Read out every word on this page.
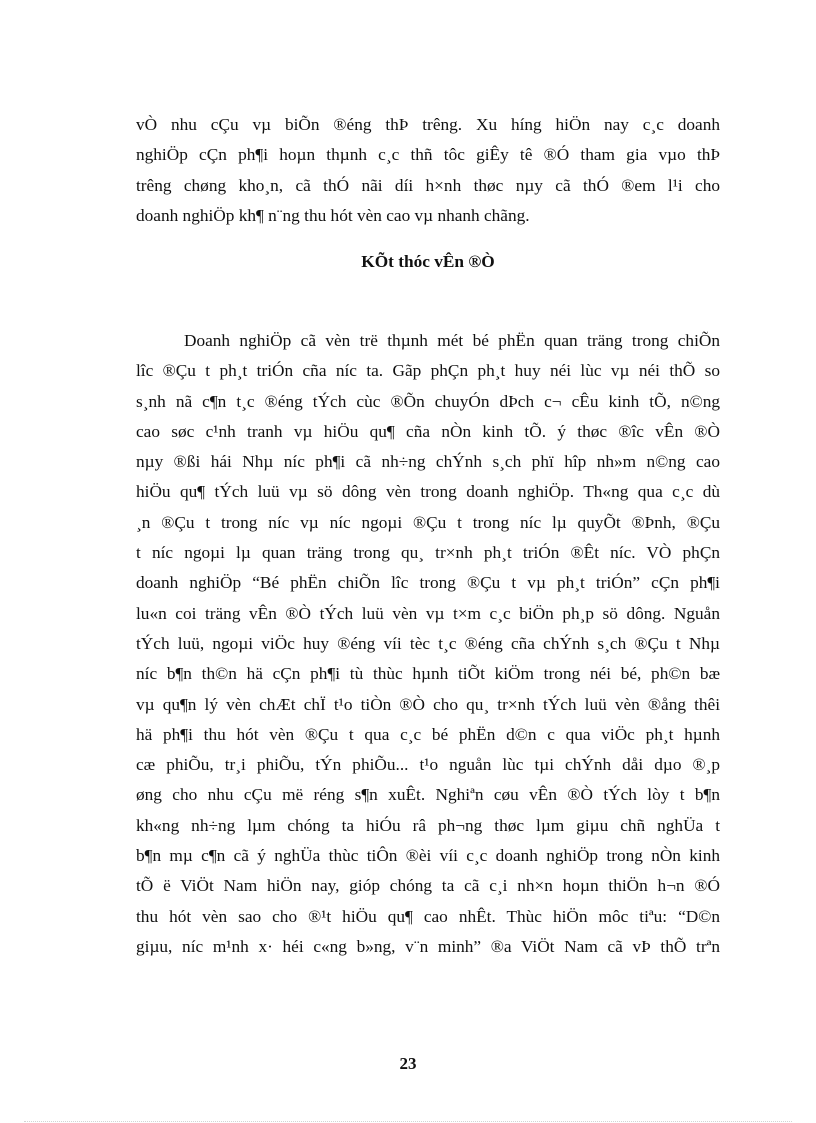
vÒ nhu cÇu vµ biÕn ®éng thÞ trêng. Xu híng hiÖn nay c¸c doanh
nghiÖp cÇn ph¶i hoµn thµnh c¸c thñ tôc giÊy tê ®Ó tham gia vµo thÞ
trêng chøng kho¸n, cã thÓ nãi díi h×nh thøc nµy cã thÓ ®em l¹i cho
doanh nghiÖp kh¶ n¨ng thu hót vèn cao vµ nhanh chãng.
KÕt thóc vÊn ®Ò
Doanh nghiÖp cã vèn trë thµnh mét bé phËn quan träng trong chiÕn
lîc ®Çu t ph¸t triÓn cña níc ta. Gãp phÇn ph¸t huy néi lùc vµ néi thÕ so
s¸nh nã c¶n t¸c ®éng tÝch cùc ®Õn chuyÓn dÞch c¬ cÊu kinh tÕ, n©ng
cao søc c¹nh tranh vµ hiÖu qu¶ cña nÒn kinh tÕ. ý thøc ®îc vÊn ®Ò
nµy ®ßi hái Nhµ níc ph¶i cã nh÷ng chÝnh s¸ch phï hîp nh»m n©ng cao
hiÖu qu¶ tÝch luü vµ sö dông vèn trong doanh nghiÖp. Th«ng qua c¸c dù
¸n ®Çu t trong níc vµ níc ngoµi ®Çu t trong níc lµ quyÕt ®Þnh, ®Çu
t níc ngoµi lµ quan träng trong qu¸ tr×nh ph¸t triÓn ®Êt níc. VÒ phÇn
doanh nghiÖp “Bé phËn chiÕn lîc trong ®Çu t vµ ph¸t triÓn” cÇn ph¶i
lu«n coi träng vÊn ®Ò tÝch luü vèn vµ t×m c¸c biÖn ph¸p sö dông. Nguån
tÝch luü, ngoµi viÖc huy ®éng víi tèc t¸c ®éng cña chÝnh s¸ch ®Çu t Nhµ
níc b¶n th©n hä cÇn ph¶i tù thùc hµnh tiÕt kiÖm trong néi bé, ph©n bæ
vµ qu¶n lý vèn chÆt chÏ t¹o tiÒn ®Ò cho qu¸ tr×nh tÝch luü vèn ®ång thêi
hä ph¶i thu hót vèn ®Çu t qua c¸c bé phËn d©n c qua viÖc ph¸t hµnh
cæ phiÕu, tr¸i phiÕu, tÝn phiÕu... t¹o nguån lùc tµi chÝnh dåi dµo ®¸p
øng cho nhu cÇu më réng s¶n xuÊt. Nghiªn cøu vÊn ®Ò tÝch lòy t b¶n
kh«ng nh÷ng lµm chóng ta hiÓu râ ph¬ng thøc lµm giµu chñ nghÜa t
b¶n mµ c¶n cã ý nghÜa thùc tiÔn ®èi víi c¸c doanh nghiÖp trong nÒn kinh
tÕ ë ViÖt Nam hiÖn nay, gióp chóng ta cã c¸i nh×n hoµn thiÖn h¬n ®Ó
thu hót vèn sao cho ®¹t hiÖu qu¶ cao nhÊt. Thùc hiÖn môc tiªu: “D©n
giµu, níc m¹nh x· héi c«ng b»ng, v¨n minh” ®a ViÖt Nam cã vÞ thÕ trªn
23
